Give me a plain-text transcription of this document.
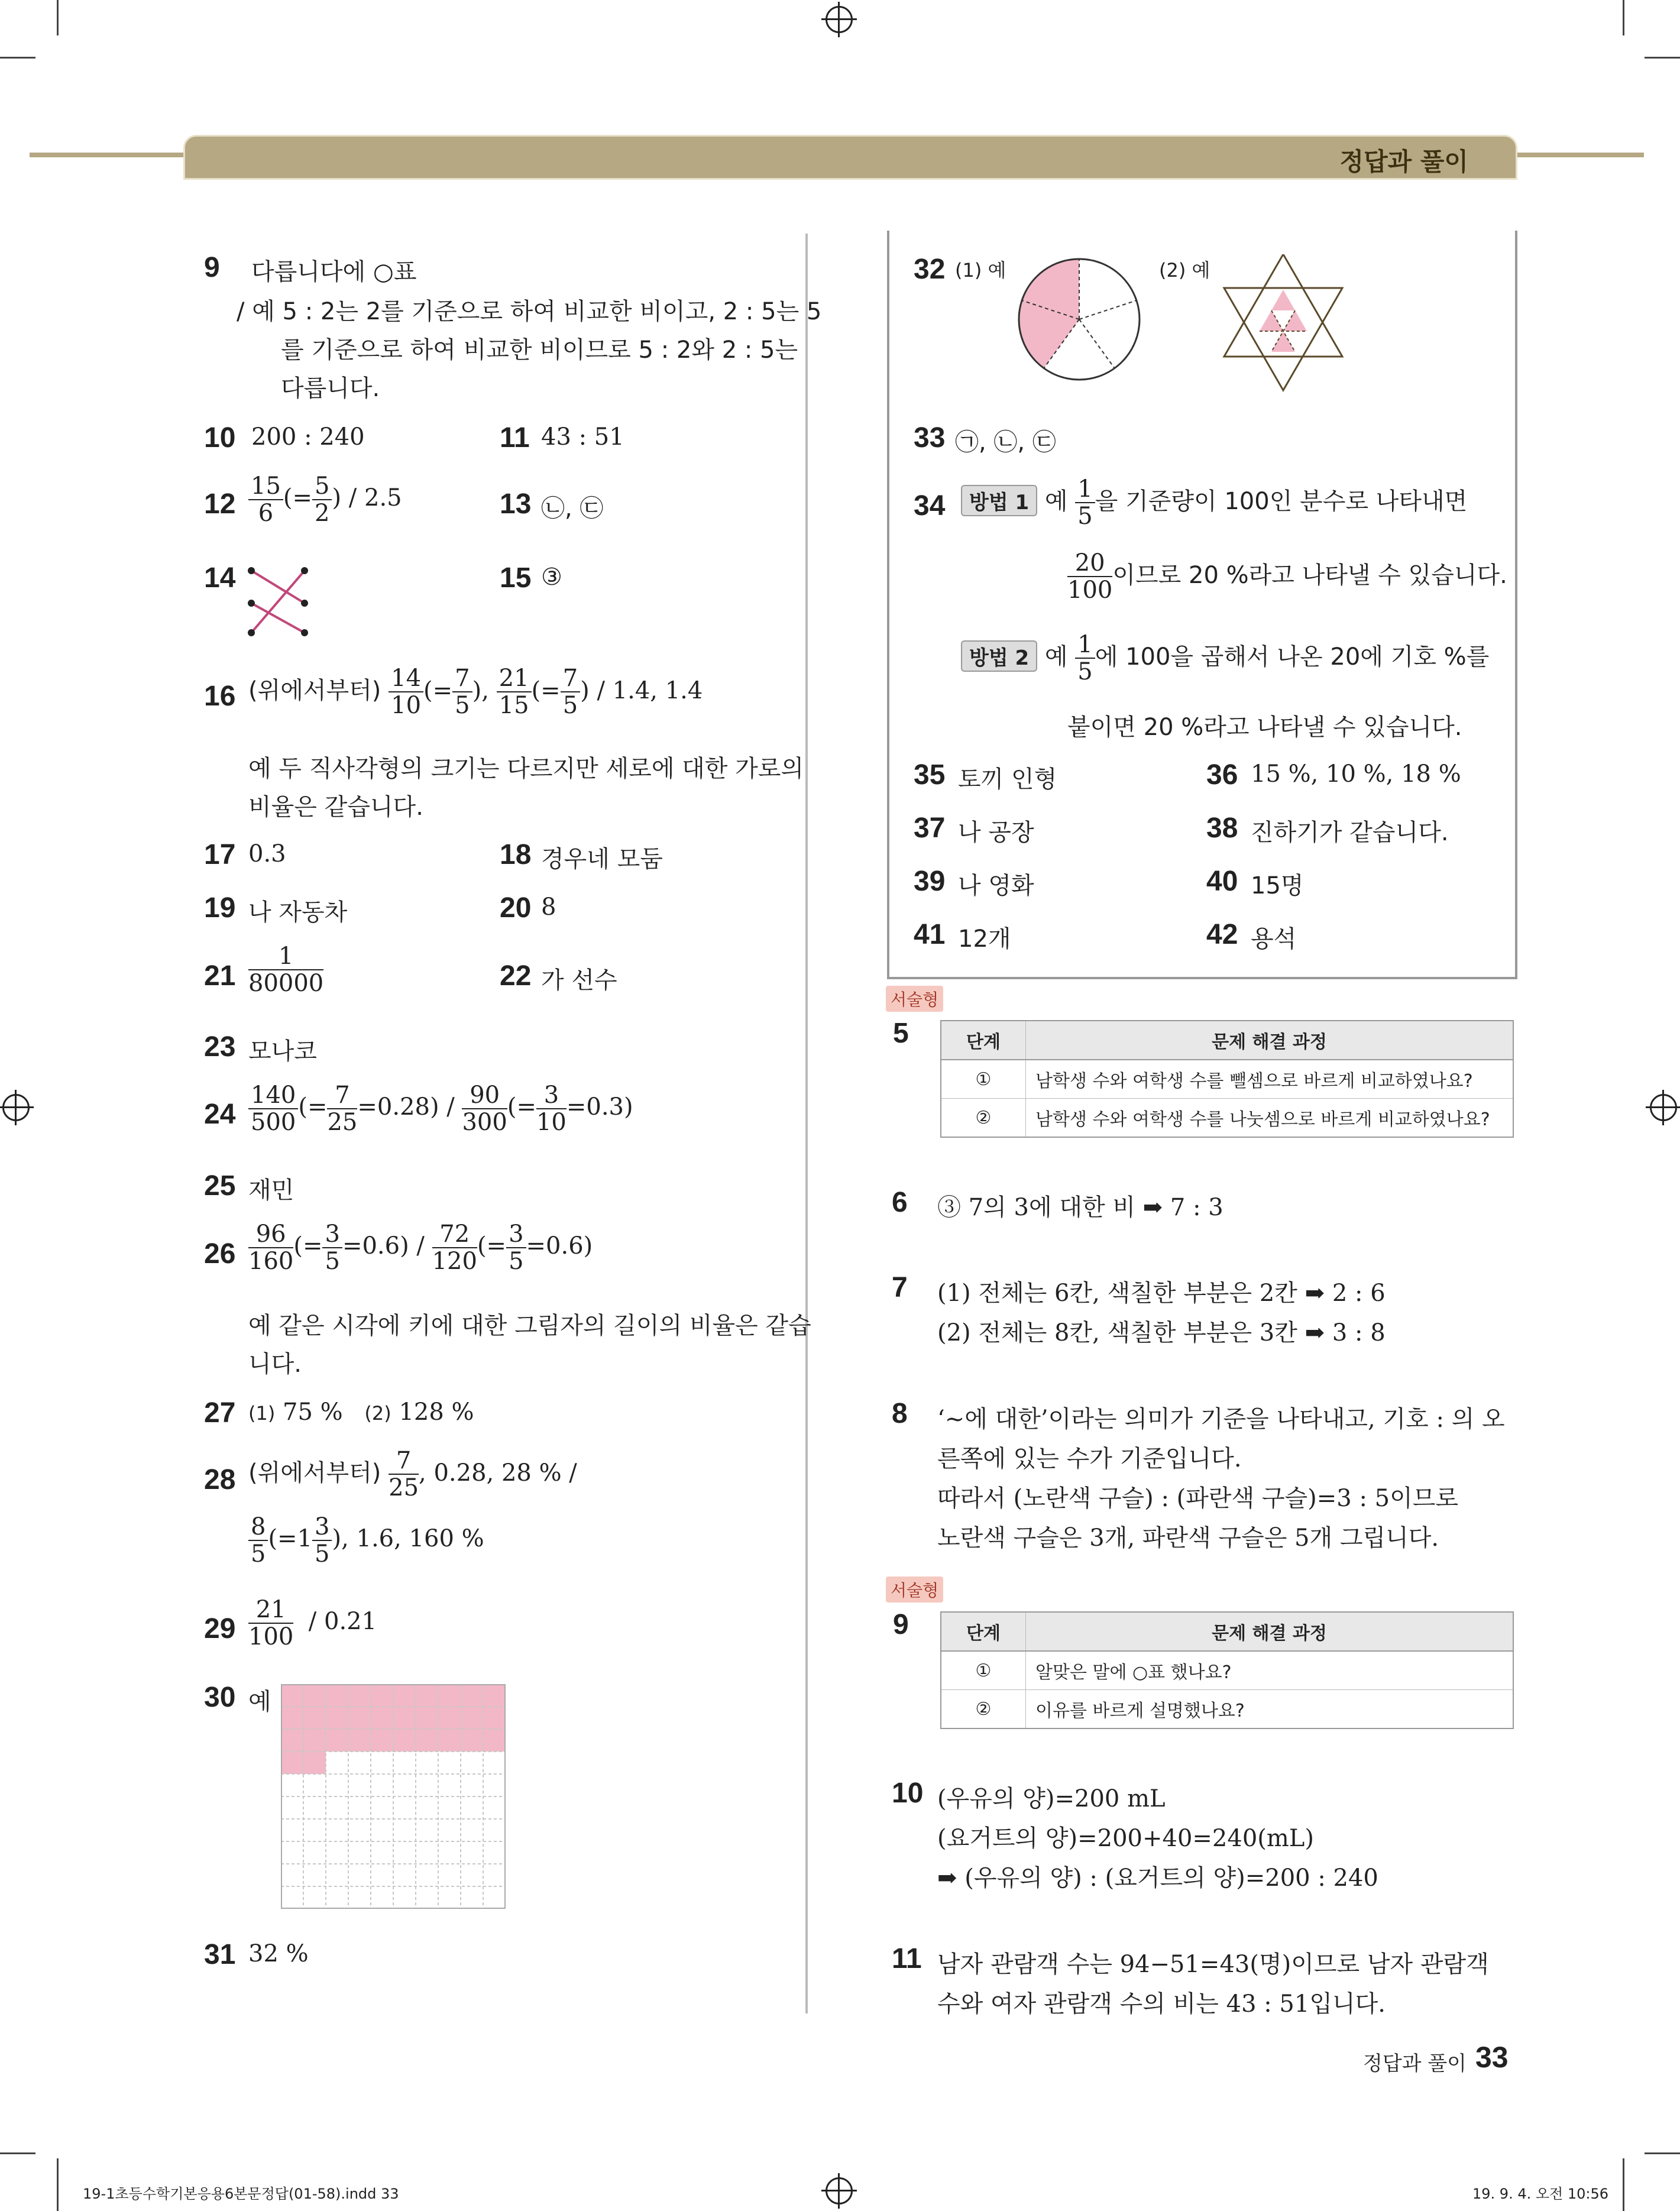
정답과 풀이
9 다릅니다에 ○표
/ 예 5 : 2는 2를 기준으로 하여 비교한 비이고, 2 : 5는 5
를 기준으로 하여 비교한 비이므로 5 : 2와 2 : 5는
다릅니다.
10 200 : 240	11 43 : 51
$12 \frac{15}{6}$ (= $\frac{5}{2}$ ) / 2.5	13 ㉡, ㉢
14	15 ③
16 (위에서부터) $\frac{14}{10}$ (= $\frac{7}{5}$ ), $\frac{21}{15}$ (= $\frac{7}{5}$ ) / 1.4, 1.4
예 두 직사각형의 크기는 다르지만 세로에 대한 가로의
비율은 같습니다.
17 0.3	18 경우네 모둠
19 나 자동차	20 8
$21 \frac{1}{80000}$	22 가 선수
23 모나코
$24 \frac{140}{500}$ (= $\frac{7}{25} =0.28) / \frac{90}{300}$ (= $\frac{3}{10} =0.3$)
25 재민
$26 \frac{96}{160}$ (= $\frac{3}{5} =0.6) / \frac{72}{120}$ (= $\frac{3}{5} =0.6$)
예 같은 시각에 키에 대한 그림자의 길이의 비율은 같습
니다.
27 (1) 75 % (2) 128 %
28 (위에서부터) $\frac{7}{25}$ , 0.28, 28 % /
$\frac{8}{5} (=1 \frac{3}{5}$ ), 1.6, 160 %
$29 \frac{21}{100} / 0.21$
30 예
31 32 %
32 (1) 예	(2) 예
33 ㉠, ㉡, ㉢
34	방법 1 예 $\frac{1}{5}$ 을 기준량이 100인 분수로 나타내면
$\frac{20}{100}$ 이므로 20 %라고 나타낼 수 있습니다.
방법 2 예 $\frac{1}{5}$ 에 100을 곱해서 나온 20에 기호 %를
붙이면 20 %라고 나타낼 수 있습니다.
35 토끼 인형	36 15 %, 10 %, 18 %
37 나 공장	38 진하기가 같습니다.
39 나 영화	40 15명
41 12개	42 용석
서술형
5	단계	문제 해결 과정
①	남학생 수와 여학생 수를 뺄셈으로 바르게 비교하였나요?
②	남학생 수와 여학생 수를 나눗셈으로 바르게 비교하였나요?
6 ③ 7의 3에 대한 비 ➡ 7 : 3
7 (1) 전체는 6칸, 색칠한 부분은 2칸 ➡ 2 : 6
(2) 전체는 8칸, 색칠한 부분은 3칸 ➡ 3 : 8
8 ‘~에 대한’이라는 의미가 기준을 나타내고, 기호 : 의 오
른쪽에 있는 수가 기준입니다.
따라서 (노란색 구슬) : (파란색 구슬)=3 : 5이므로
노란색 구슬은 3개, 파란색 구슬은 5개 그립니다.
서술형
9	단계	문제 해결 과정
①	알맞은 말에 ○표 했나요?
②	이유를 바르게 설명했나요?
10 (우유의 양)=200 mL
(요거트의 양)=200+40=240(mL)
➡ (우유의 양) : (요거트의 양)=200 : 240
11 남자 관람객 수는 94−51=43(명)이므로 남자 관람객
수와 여자 관람객 수의 비는 43 : 51입니다.
정답과 풀이 33
19-1초등수학기본응용6본문정답(01-58).indd 33	19. 9. 4. 오전 10:56
